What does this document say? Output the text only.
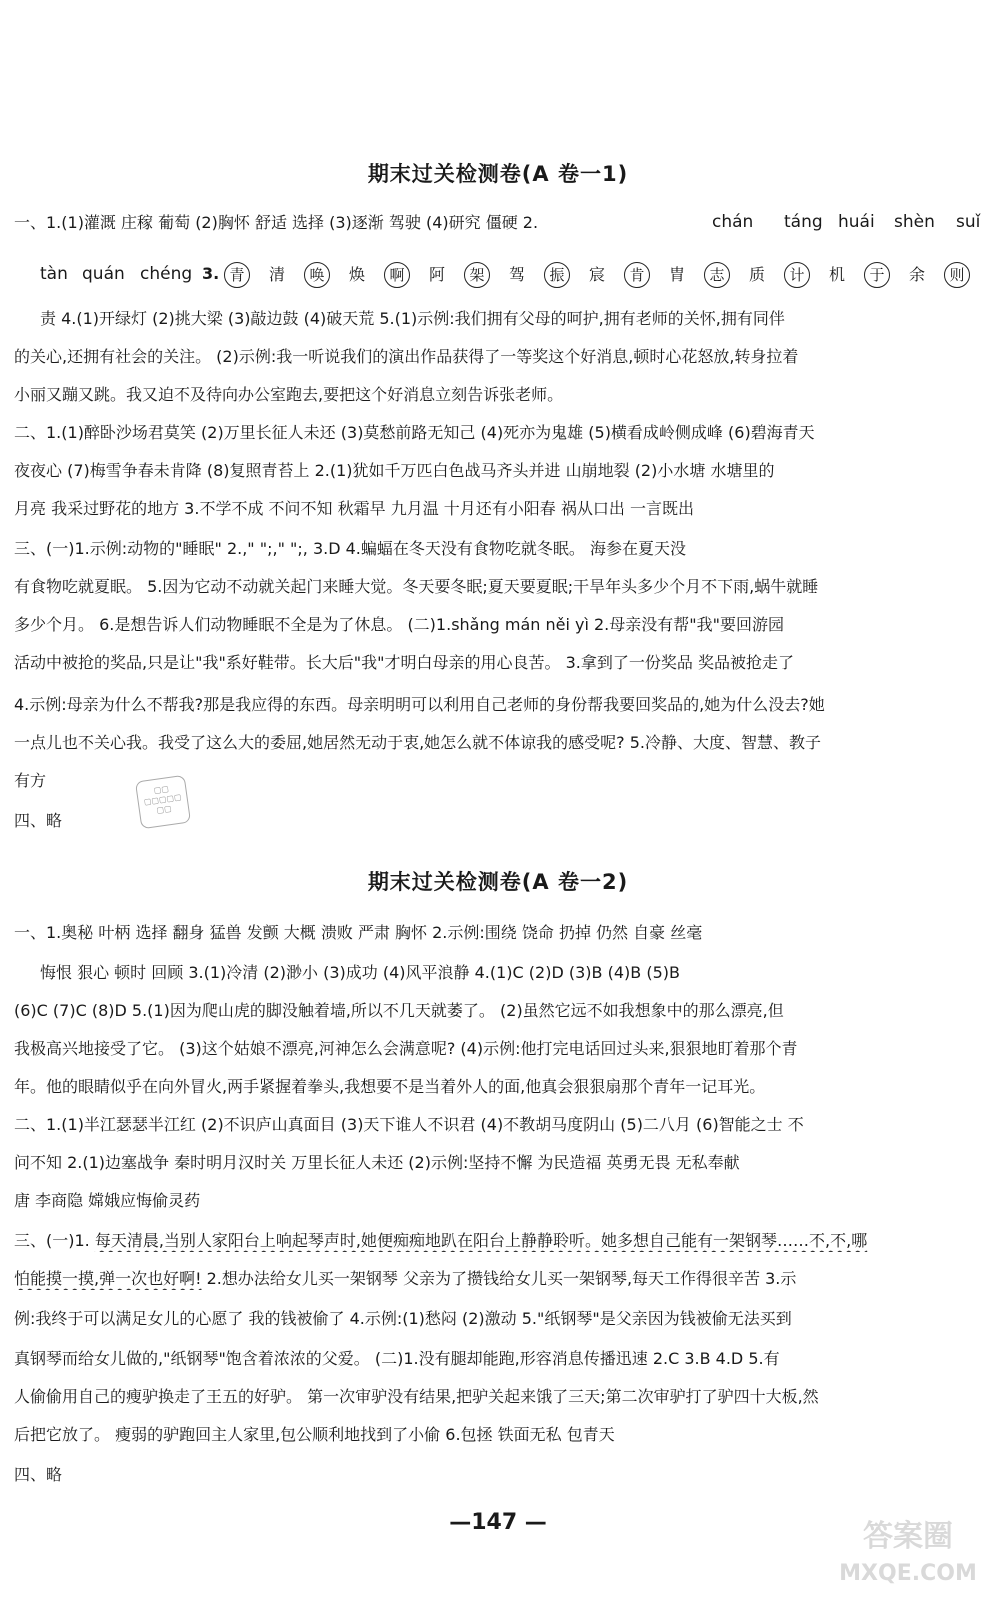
期末过关检测卷(A 卷一1)
一、1.(1)灌溉 庄稼 葡萄 (2)胸怀 舒适 选择 (3)逐渐 驾驶 (4)研究 僵硬 2.	chán táng huái shèn suǐ
tàn quán chéng 3. 青	清	唤	焕	啊	阿	架	驾	振	宸	肯	胄	志	质	计	机	于	余	则
责 4.(1)开绿灯 (2)挑大梁 (3)敲边鼓 (4)破天荒 5.(1)示例:我们拥有父母的呵护,拥有老师的关怀,拥有同伴
的关心,还拥有社会的关注。 (2)示例:我一听说我们的演出作品获得了一等奖这个好消息,顿时心花怒放,转身拉着
小丽又蹦又跳。我又迫不及待向办公室跑去,要把这个好消息立刻告诉张老师。
二、1.(1)醉卧沙场君莫笑 (2)万里长征人未还 (3)莫愁前路无知己 (4)死亦为鬼雄 (5)横看成岭侧成峰 (6)碧海青天
夜夜心 (7)梅雪争春未肯降 (8)复照青苔上 2.(1)犹如千万匹白色战马齐头并进 山崩地裂 (2)小水塘 水塘里的
月亮 我采过野花的地方 3.不学不成 不问不知 秋霜早 九月温 十月还有小阳春 祸从口出 一言既出
三、(一)1.示例:动物的"睡眠" 2.," ";," ";, 3.D 4.蝙蝠在冬天没有食物吃就冬眠。 海参在夏天没
有食物吃就夏眠。 5.因为它动不动就关起门来睡大觉。冬天要冬眠;夏天要夏眠;干旱年头多少个月不下雨,蜗牛就睡
多少个月。 6.是想告诉人们动物睡眠不全是为了休息。 (二)1.shǎng mán něi yì 2.母亲没有帮"我"要回游园
活动中被抢的奖品,只是让"我"系好鞋带。长大后"我"才明白母亲的用心良苦。 3.拿到了一份奖品 奖品被抢走了
4.示例:母亲为什么不帮我?那是我应得的东西。母亲明明可以利用自己老师的身份帮我要回奖品的,她为什么没去?她
一点儿也不关心我。我受了这么大的委屈,她居然无动于衷,她怎么就不体谅我的感受呢? 5.冷静、大度、智慧、教子
有方
四、略
▢▢
▢▢▢▢▢
▢▢
期末过关检测卷(A 卷一2)
一、1.奥秘 叶柄 选择 翻身 猛兽 发颤 大概 溃败 严肃 胸怀 2.示例:围绕 饶命 扔掉 仍然 自豪 丝毫
悔恨 狠心 顿时 回顾 3.(1)冷清 (2)渺小 (3)成功 (4)风平浪静 4.(1)C (2)D (3)B (4)B (5)B
(6)C (7)C (8)D 5.(1)因为爬山虎的脚没触着墙,所以不几天就萎了。 (2)虽然它远不如我想象中的那么漂亮,但
我极高兴地接受了它。 (3)这个姑娘不漂亮,河神怎么会满意呢? (4)示例:他打完电话回过头来,狠狠地盯着那个青
年。他的眼睛似乎在向外冒火,两手紧握着拳头,我想要不是当着外人的面,他真会狠狠扇那个青年一记耳光。
二、1.(1)半江瑟瑟半江红 (2)不识庐山真面目 (3)天下谁人不识君 (4)不教胡马度阴山 (5)二八月 (6)智能之士 不
问不知 2.(1)边塞战争 秦时明月汉时关 万里长征人未还 (2)示例:坚持不懈 为民造福 英勇无畏 无私奉献
唐 李商隐 嫦娥应悔偷灵药
三、(一)1. 每天清晨,当别人家阳台上响起琴声时,她便痴痴地趴在阳台上静静聆听。她多想自己能有一架钢琴……不,不,哪
怕能摸一摸,弹一次也好啊! 2.想办法给女儿买一架钢琴 父亲为了攒钱给女儿买一架钢琴,每天工作得很辛苦 3.示
例:我终于可以满足女儿的心愿了 我的钱被偷了 4.示例:(1)愁闷 (2)激动 5."纸钢琴"是父亲因为钱被偷无法买到
真钢琴而给女儿做的,"纸钢琴"饱含着浓浓的父爱。 (二)1.没有腿却能跑,形容消息传播迅速 2.C 3.B 4.D 5.有
人偷偷用自己的瘦驴换走了王五的好驴。 第一次审驴没有结果,把驴关起来饿了三天;第二次审驴打了驴四十大板,然
后把它放了。 瘦弱的驴跑回主人家里,包公顺利地找到了小偷 6.包拯 铁面无私 包青天
四、略
—147 —	答案圈
MXQE.COM
